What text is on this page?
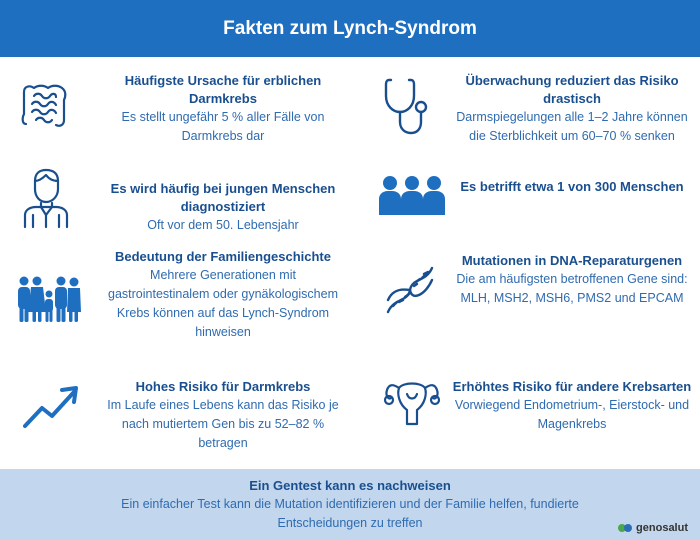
Fakten zum Lynch-Syndrom
Häufigste Ursache für erblichen Darmkrebs
Es stellt ungefähr 5 % aller Fälle von Darmkrebs dar
Überwachung reduziert das Risiko drastisch
Darmspiegelungen alle 1–2 Jahre können die Sterblichkeit um 60–70 % senken
Es wird häufig bei jungen Menschen diagnostiziert
Oft vor dem 50. Lebensjahr
Es betrifft etwa 1 von 300 Menschen
Bedeutung der Familiengeschichte
Mehrere Generationen mit gastrointestinalem oder gynäkologischem Krebs können auf das Lynch-Syndrom hinweisen
Mutationen in DNA-Reparaturgenen
Die am häufigsten betroffenen Gene sind: MLH, MSH2, MSH6, PMS2 und EPCAM
Hohes Risiko für Darmkrebs
Im Laufe eines Lebens kann das Risiko je nach mutiertem Gen bis zu 52–82 % betragen
Erhöhtes Risiko für andere Krebsarten
Vorwiegend Endometrium-, Eierstock- und Magenkrebs
Ein Gentest kann es nachweisen
Ein einfacher Test kann die Mutation identifizieren und der Familie helfen, fundierte Entscheidungen zu treffen	genosalut
